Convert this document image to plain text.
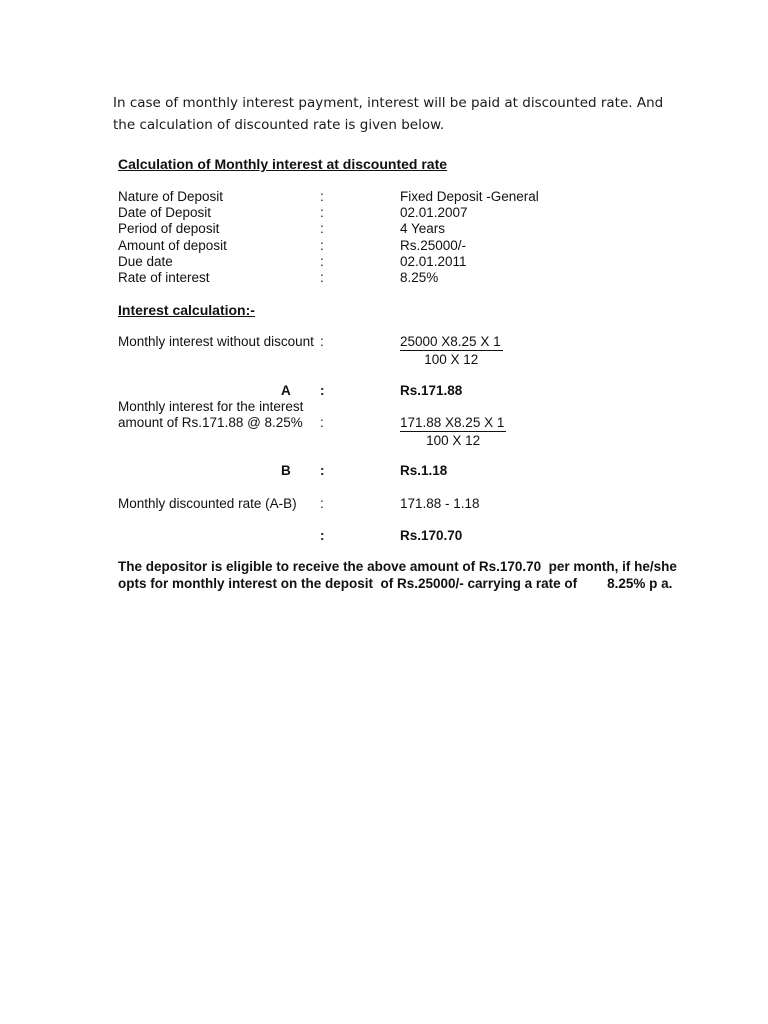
In case of monthly interest payment, interest will be paid at discounted rate. And the calculation of discounted rate is given below.

Calculation of Monthly interest at discounted rate
Nature of Deposit	:	Fixed Deposit -General
Date of Deposit	:	02.01.2007
Period of deposit	:	4 Years
Amount of deposit	:	Rs.25000/-
Due date	:	02.01.2011
Rate of interest	:	8.25%
Interest calculation:-
Monthly interest without discount :	$\frac{25000 X8.25 X 1}{100 X 12}$
A :	Rs.171.88
Monthly interest for the interest
amount of Rs.171.88 @ 8.25% :	$\frac{171.88 X8.25 X 1}{100 X 12}$
B :	Rs.1.18
Monthly discounted rate (A-B) :	171.88 - 1.18
:	Rs.170.70
The depositor is eligible to receive the above amount of Rs.170.70  per month, if he/she
opts for monthly interest on the deposit  of Rs.25000/- carrying a rate of        8.25% p a.
